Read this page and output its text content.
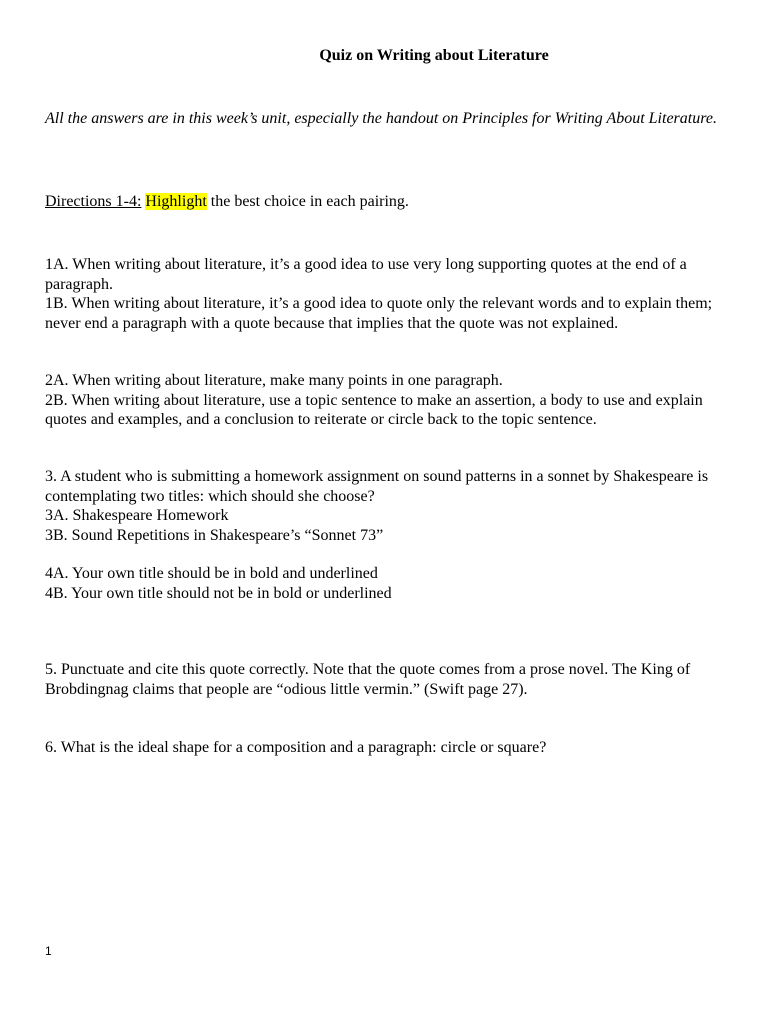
Quiz on Writing about Literature
All the answers are in this week’s unit, especially the handout on Principles for Writing About Literature.
Directions 1-4: Highlight the best choice in each pairing.
1A. When writing about literature, it’s a good idea to use very long supporting quotes at the end of a paragraph.
1B. When writing about literature, it’s a good idea to quote only the relevant words and to explain them; never end a paragraph with a quote because that implies that the quote was not explained.
2A. When writing about literature, make many points in one paragraph.
2B. When writing about literature, use a topic sentence to make an assertion, a body to use and explain quotes and examples, and a conclusion to reiterate or circle back to the topic sentence.
3. A student who is submitting a homework assignment on sound patterns in a sonnet by Shakespeare is contemplating two titles: which should she choose?
3A. Shakespeare Homework
3B. Sound Repetitions in Shakespeare’s “Sonnet 73”
4A. Your own title should be in bold and underlined
4B. Your own title should not be in bold or underlined
5. Punctuate and cite this quote correctly. Note that the quote comes from a prose novel. The King of Brobdingnag claims that people are “odious little vermin.” (Swift page 27).
6. What is the ideal shape for a composition and a paragraph: circle or square?
1
